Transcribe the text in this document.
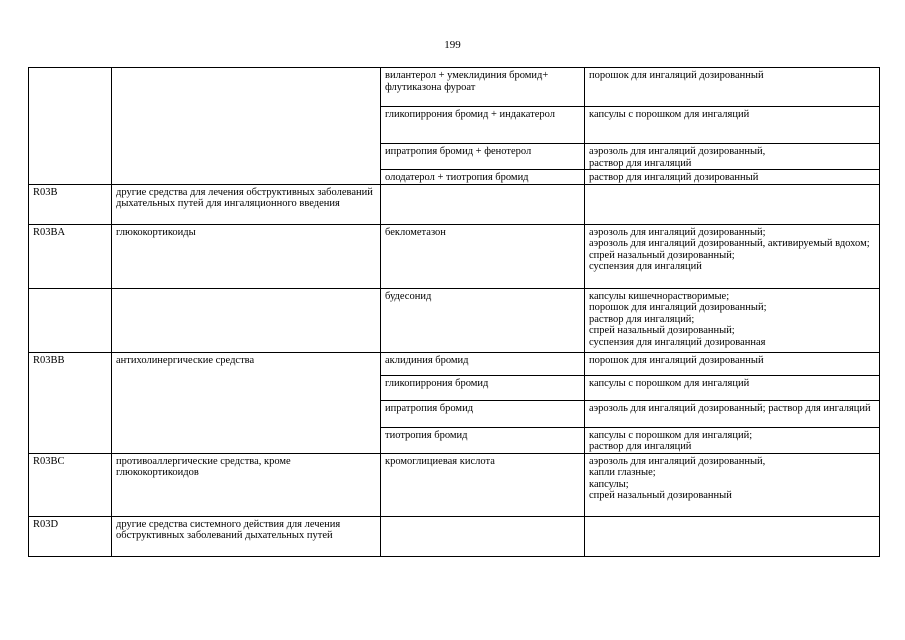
199
		вилантерол + умеклидиния бромид+ флутиказона фуроат	порошок для ингаляций дозированный
		гликопиррония бромид + индакатерол	капсулы с порошком для ингаляций
		ипратропия бромид + фенотерол	аэрозоль для ингаляций дозированный,
раствор для ингаляций
		олодатерол + тиотропия бромид	раствор для ингаляций дозированный
R03B	другие средства для лечения обструктивных заболеваний дыхательных путей для ингаляционного введения		
R03BA	глюкокортикоиды	беклометазон	аэрозоль для ингаляций дозированный;
аэрозоль для ингаляций дозированный, активируемый вдохом;
спрей назальный дозированный;
суспензия для ингаляций
		будесонид	капсулы кишечнорастворимые;
порошок для ингаляций дозированный;
раствор для ингаляций;
спрей назальный дозированный;
суспензия для ингаляций дозированная
R03BB	антихолинергические средства	аклидиния бромид	порошок для ингаляций дозированный
		гликопиррония бромид	капсулы с порошком для ингаляций
		ипратропия бромид	аэрозоль для ингаляций дозированный; раствор для ингаляций
		тиотропия бромид	капсулы с порошком для ингаляций;
раствор для ингаляций
R03BC	противоаллергические средства, кроме глюкокортикоидов	кромоглициевая кислота	аэрозоль для ингаляций дозированный,
капли глазные;
капсулы;
спрей назальный дозированный
R03D	другие средства системного действия для лечения обструктивных заболеваний дыхательных путей		
